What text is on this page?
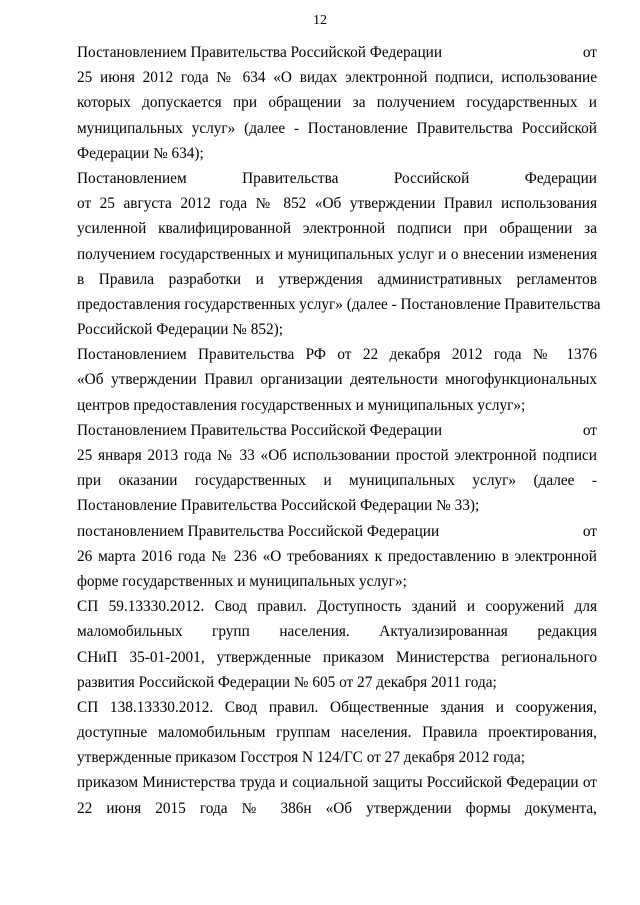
12
Постановлением Правительства Российской Федерации	от
25 июня 2012 года № 634 «О видах электронной подписи, использование
которых допускается при обращении за получением государственных и
муниципальных услуг» (далее - Постановление Правительства Российской
Федерации № 634);
Постановлением Правительства Российской Федерации
от 25 августа 2012 года № 852 «Об утверждении Правил использования
усиленной квалифицированной электронной подписи при обращении за
получением государственных и муниципальных услуг и о внесении изменения
в Правила разработки и утверждения административных регламентов
предоставления государственных услуг» (далее - Постановление Правительства
Российской Федерации № 852);
Постановлением Правительства РФ от 22 декабря 2012 года № 1376
«Об утверждении Правил организации деятельности многофункциональных
центров предоставления государственных и муниципальных услуг»;
Постановлением Правительства Российской Федерации	от
25 января 2013 года № 33 «Об использовании простой электронной подписи
при оказании государственных и муниципальных услуг» (далее -
Постановление Правительства Российской Федерации № 33);
постановлением Правительства Российской Федерации	от
26 марта 2016 года № 236 «О требованиях к предоставлению в электронной
форме государственных и муниципальных услуг»;
СП 59.13330.2012. Свод правил. Доступность зданий и сооружений для
маломобильных групп населения. Актуализированная редакция
СНиП 35-01-2001, утвержденные приказом Министерства регионального
развития Российской Федерации № 605 от 27 декабря 2011 года;
СП 138.13330.2012. Свод правил. Общественные здания и сооружения,
доступные маломобильным группам населения. Правила проектирования,
утвержденные приказом Госстроя N 124/ГС от 27 декабря 2012 года;
приказом Министерства труда и социальной защиты Российской Федерации от
22 июня 2015 года № 386н «Об утверждении формы документа,
